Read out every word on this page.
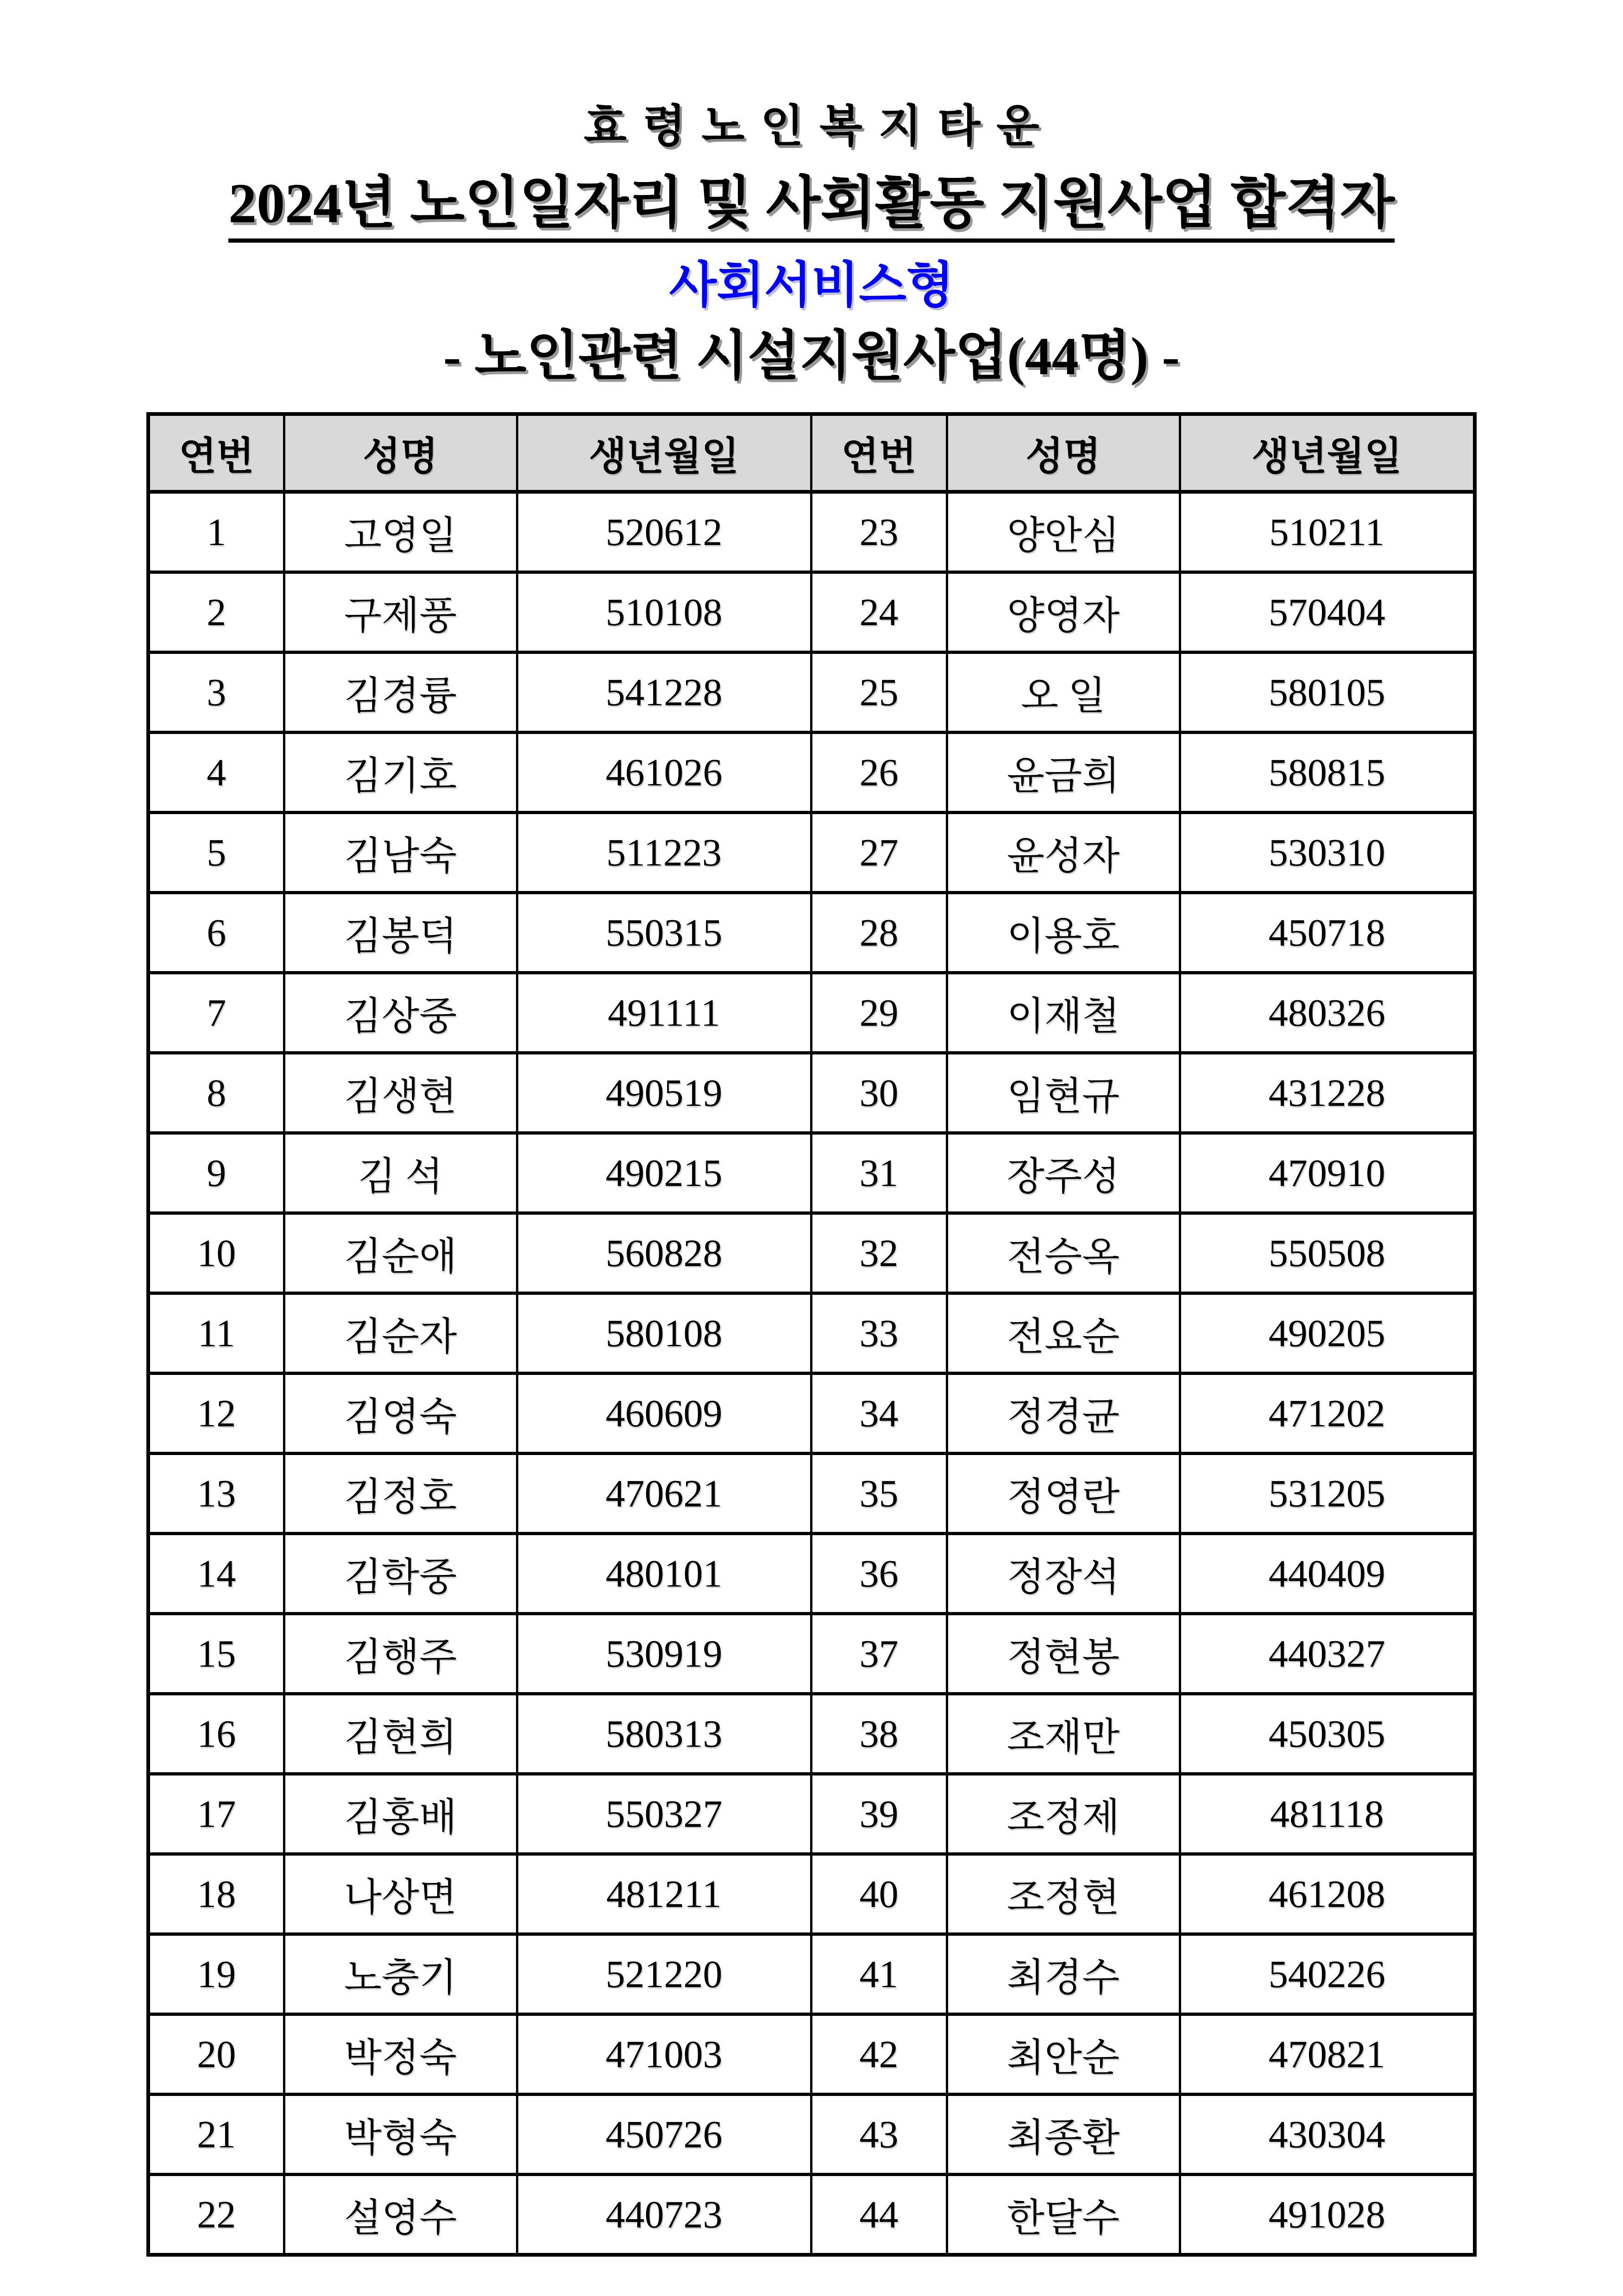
효령노인복지타운
2024년 노인일자리 및 사회활동 지원사업 합격자
사회서비스형
- 노인관련 시설지원사업(44명) -
연번	성명	생년월일	연번	성명	생년월일
1	고영일	520612	23	양안심	510211
2	구제풍	510108	24	양영자	570404
3	김경륭	541228	25	오 일	580105
4	김기호	461026	26	윤금희	580815
5	김남숙	511223	27	윤성자	530310
6	김봉덕	550315	28	이용호	450718
7	김상중	491111	29	이재철	480326
8	김생현	490519	30	임현규	431228
9	김 석	490215	31	장주성	470910
10	김순애	560828	32	전승옥	550508
11	김순자	580108	33	전요순	490205
12	김영숙	460609	34	정경균	471202
13	김정호	470621	35	정영란	531205
14	김학중	480101	36	정장석	440409
15	김행주	530919	37	정현봉	440327
16	김현희	580313	38	조재만	450305
17	김홍배	550327	39	조정제	481118
18	나상면	481211	40	조정현	461208
19	노충기	521220	41	최경수	540226
20	박정숙	471003	42	최안순	470821
21	박형숙	450726	43	최종환	430304
22	설영수	440723	44	한달수	491028
